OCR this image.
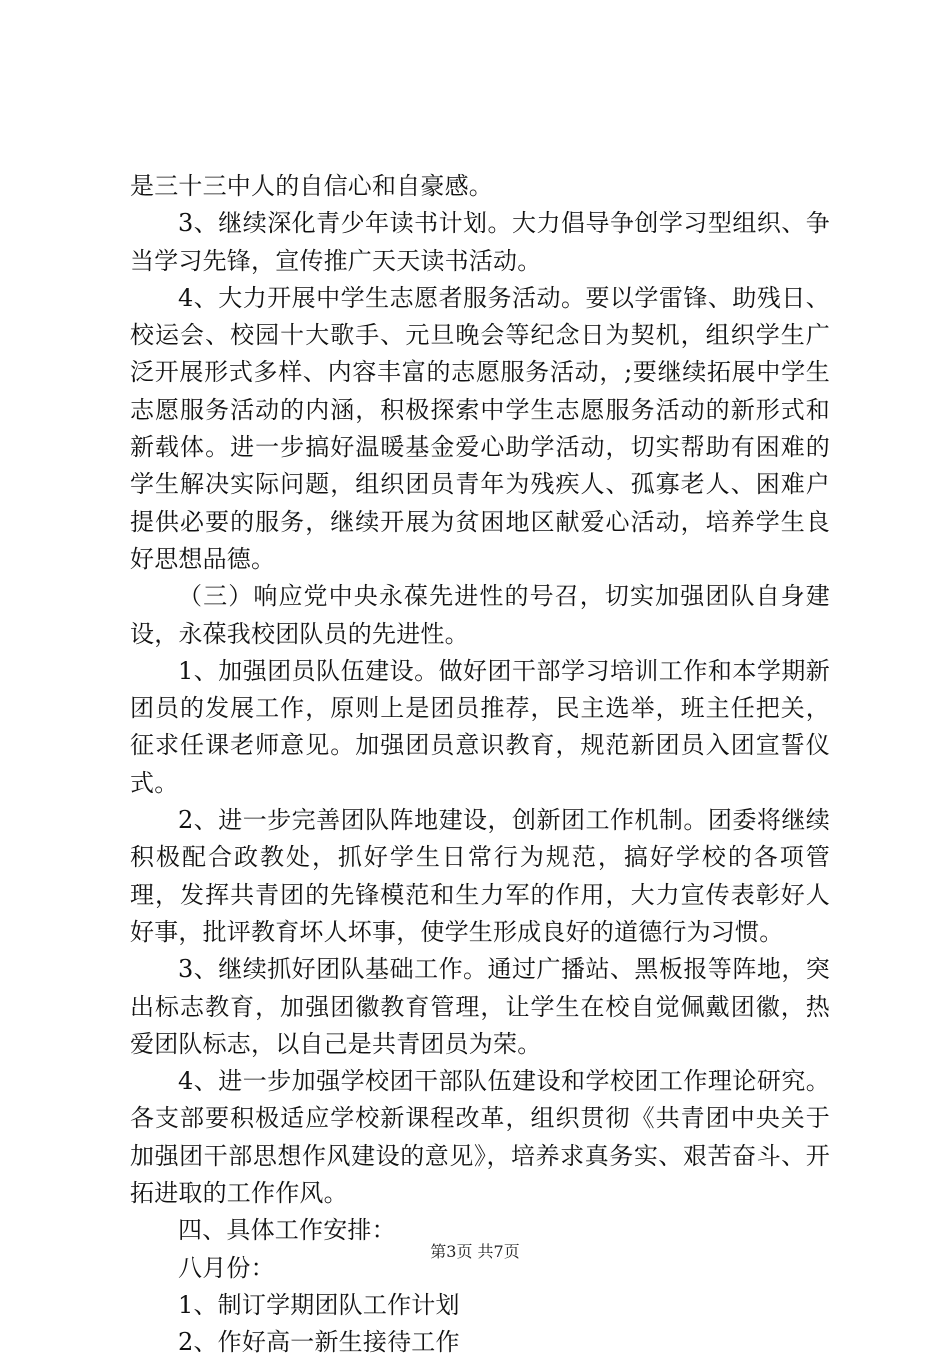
是三十三中人的自信心和自豪感。

3、继续深化青少年读书计划。大力倡导争创学习型组织、争当学习先锋，宣传推广天天读书活动。

4、大力开展中学生志愿者服务活动。要以学雷锋、助残日、校运会、校园十大歌手、元旦晚会等纪念日为契机，组织学生广泛开展形式多样、内容丰富的志愿服务活动，;要继续拓展中学生志愿服务活动的内涵，积极探索中学生志愿服务活动的新形式和新载体。进一步搞好温暖基金爱心助学活动，切实帮助有困难的学生解决实际问题，组织团员青年为残疾人、孤寡老人、困难户提供必要的服务，继续开展为贫困地区献爱心活动，培养学生良好思想品德。

（三）响应党中央永葆先进性的号召，切实加强团队自身建设，永葆我校团队员的先进性。

1、加强团员队伍建设。做好团干部学习培训工作和本学期新团员的发展工作，原则上是团员推荐，民主选举，班主任把关，征求任课老师意见。加强团员意识教育，规范新团员入团宣誓仪式。

2、进一步完善团队阵地建设，创新团工作机制。团委将继续积极配合政教处，抓好学生日常行为规范，搞好学校的各项管理，发挥共青团的先锋模范和生力军的作用，大力宣传表彰好人好事，批评教育坏人坏事，使学生形成良好的道德行为习惯。

3、继续抓好团队基础工作。通过广播站、黑板报等阵地，突出标志教育，加强团徽教育管理，让学生在校自觉佩戴团徽，热爱团队标志，以自己是共青团员为荣。

4、进一步加强学校团干部队伍建设和学校团工作理论研究。各支部要积极适应学校新课程改革，组织贯彻《共青团中央关于加强团干部思想作风建设的意见》，培养求真务实、艰苦奋斗、开拓进取的工作作风。

四、具体工作安排：

八月份：

1、制订学期团队工作计划

2、作好高一新生接待工作

第3页 共7页
